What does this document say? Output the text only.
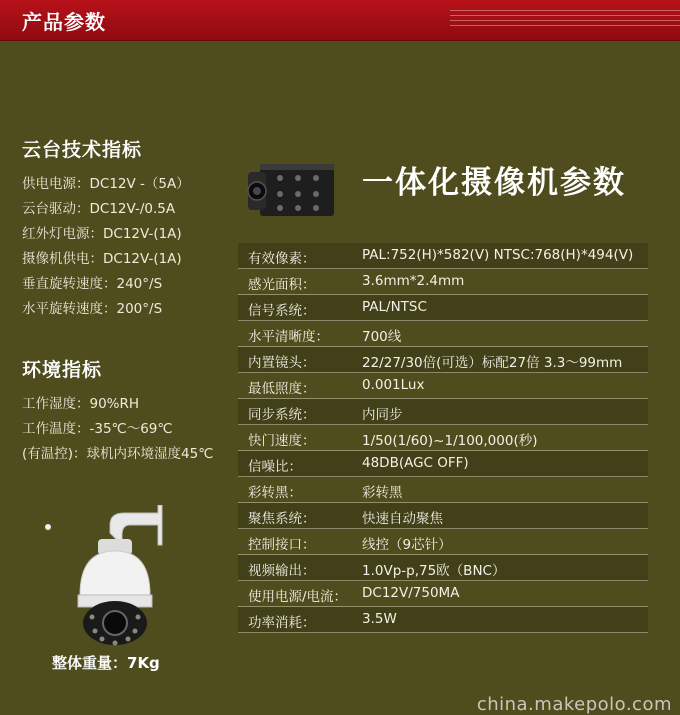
产品参数
云台技术指标
供电电源：DC12V -（5A）
云台驱动：DC12V-/0.5A
红外灯电源：DC12V-(1A)
摄像机供电：DC12V-(1A)
垂直旋转速度：240°/S
水平旋转速度：200°/S
环境指标
工作湿度：90%RH
工作温度：-35℃～69℃
(有温控)：球机内环境湿度45℃
一体化摄像机参数
有效像素：	PAL:752(H)*582(V) NTSC:768(H)*494(V)
感光面积：	3.6mm*2.4mm
信号系统：	PAL/NTSC
水平清晰度： 700线
内置镜头：	22/27/30倍(可选）标配27倍 3.3～99mm
最低照度：	0.001Lux
同步系统：	内同步
快门速度：	1/50(1/60)~1/100,000(秒)
信噪比：	48DB(AGC OFF)
彩转黑：	彩转黑
聚焦系统：	快速自动聚焦
控制接口：	线控（9芯针）
视频输出：	1.0Vp-p,75欧（BNC）
使用电源/电流： DC12V/750MA
功率消耗：	3.5W
整体重量：7Kg
china.makepolo.com
